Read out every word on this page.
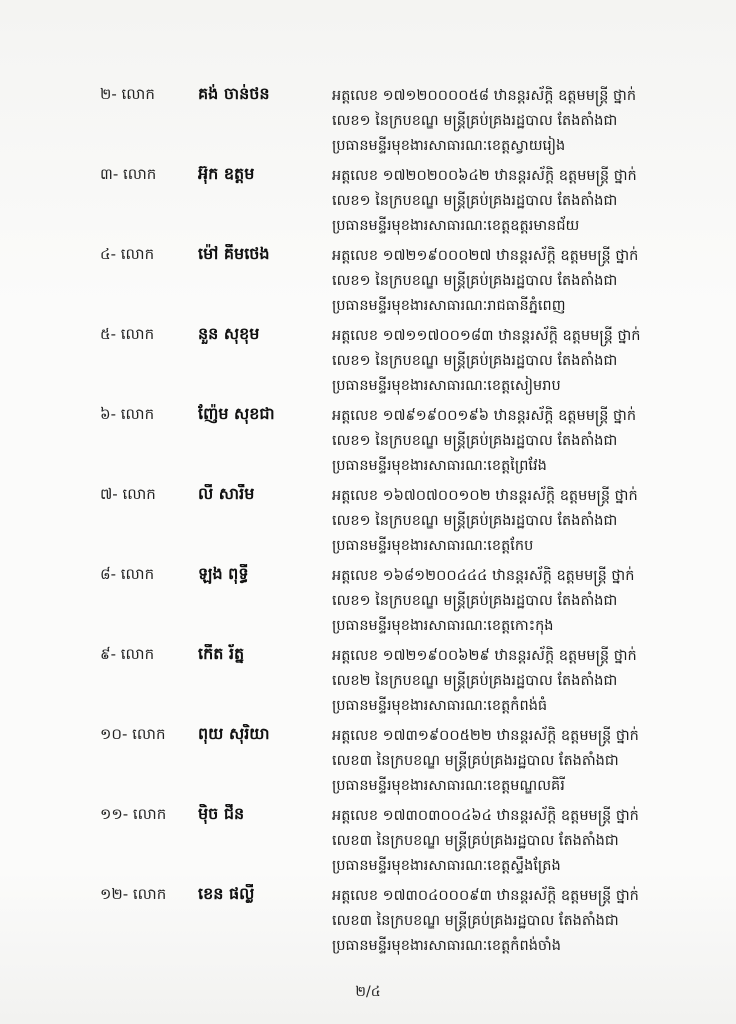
២- លោក	គង់ ចាន់ថន	អត្តលេខ ១៧១២០០០០៥៨ ឋានន្តរស័ក្តិ ឧត្តមមន្ត្រី ថ្នាក់
លេខ១ នៃក្របខណ្ឌ មន្ត្រីគ្រប់គ្រងរដ្ឋបាល តែងតាំងជា
ប្រធានមន្ទីរមុខងារសាធារណៈខេត្តស្វាយរៀង
៣- លោក	អ៊ុក ឧត្តម	អត្តលេខ ១៧២០២០០៦៤២ ឋានន្តរស័ក្តិ ឧត្តមមន្ត្រី ថ្នាក់
លេខ១ នៃក្របខណ្ឌ មន្ត្រីគ្រប់គ្រងរដ្ឋបាល តែងតាំងជា
ប្រធានមន្ទីរមុខងារសាធារណៈខេត្តឧត្តរមានជ័យ
៤- លោក	ម៉ៅ គីមថេង	អត្តលេខ ១៧២១៩០០០២៧ ឋានន្តរស័ក្តិ ឧត្តមមន្ត្រី ថ្នាក់
លេខ១ នៃក្របខណ្ឌ មន្ត្រីគ្រប់គ្រងរដ្ឋបាល តែងតាំងជា
ប្រធានមន្ទីរមុខងារសាធារណៈរាជធានីភ្នំពេញ
៥- លោក	នួន សុខុម	អត្តលេខ ១៧១១៧០០១៨៣ ឋានន្តរស័ក្តិ ឧត្តមមន្ត្រី ថ្នាក់
លេខ១ នៃក្របខណ្ឌ មន្ត្រីគ្រប់គ្រងរដ្ឋបាល តែងតាំងជា
ប្រធានមន្ទីរមុខងារសាធារណៈខេត្តសៀមរាប
៦- លោក	ញ៉ែម សុខជា	អត្តលេខ ១៧៩១៩០០១៩៦ ឋានន្តរស័ក្តិ ឧត្តមមន្ត្រី ថ្នាក់
លេខ១ នៃក្របខណ្ឌ មន្ត្រីគ្រប់គ្រងរដ្ឋបាល តែងតាំងជា
ប្រធានមន្ទីរមុខងារសាធារណៈខេត្តព្រៃវែង
៧- លោក	លី សារឹម	អត្តលេខ ១៦៧០៧០០១០២ ឋានន្តរស័ក្តិ ឧត្តមមន្ត្រី ថ្នាក់
លេខ១ នៃក្របខណ្ឌ មន្ត្រីគ្រប់គ្រងរដ្ឋបាល តែងតាំងជា
ប្រធានមន្ទីរមុខងារសាធារណៈខេត្តកែប
៨- លោក	ឡុង ពុទ្ធី	អត្តលេខ ១៦៨១២០០៤៤៤ ឋានន្តរស័ក្តិ ឧត្តមមន្ត្រី ថ្នាក់
លេខ១ នៃក្របខណ្ឌ មន្ត្រីគ្រប់គ្រងរដ្ឋបាល តែងតាំងជា
ប្រធានមន្ទីរមុខងារសាធារណៈខេត្តកោះកុង
៩- លោក	កើត រ័ត្ន	អត្តលេខ ១៧២១៩០០៦២៩ ឋានន្តរស័ក្តិ ឧត្តមមន្ត្រី ថ្នាក់
លេខ២ នៃក្របខណ្ឌ មន្ត្រីគ្រប់គ្រងរដ្ឋបាល តែងតាំងជា
ប្រធានមន្ទីរមុខងារសាធារណៈខេត្តកំពង់ធំ
១០- លោក	ពុយ សុរិយា	អត្តលេខ ១៧៣១៩០០៥២២ ឋានន្តរស័ក្តិ ឧត្តមមន្ត្រី ថ្នាក់
លេខ៣ នៃក្របខណ្ឌ មន្ត្រីគ្រប់គ្រងរដ្ឋបាល តែងតាំងជា
ប្រធានមន្ទីរមុខងារសាធារណៈខេត្តមណ្ឌលគិរី
១១- លោក	ម៉ិច ជីន	អត្តលេខ ១៧៣០៣០០៤៦៤ ឋានន្តរស័ក្តិ ឧត្តមមន្ត្រី ថ្នាក់
លេខ៣ នៃក្របខណ្ឌ មន្ត្រីគ្រប់គ្រងរដ្ឋបាល តែងតាំងជា
ប្រធានមន្ទីរមុខងារសាធារណៈខេត្តស្ទឹងត្រែង
១២- លោក	ខេន ផល្លី	អត្តលេខ ១៧៣០៤០០០៩៣ ឋានន្តរស័ក្តិ ឧត្តមមន្ត្រី ថ្នាក់
លេខ៣ នៃក្របខណ្ឌ មន្ត្រីគ្រប់គ្រងរដ្ឋបាល តែងតាំងជា
ប្រធានមន្ទីរមុខងារសាធារណៈខេត្តកំពង់ចាំង
២/៤
